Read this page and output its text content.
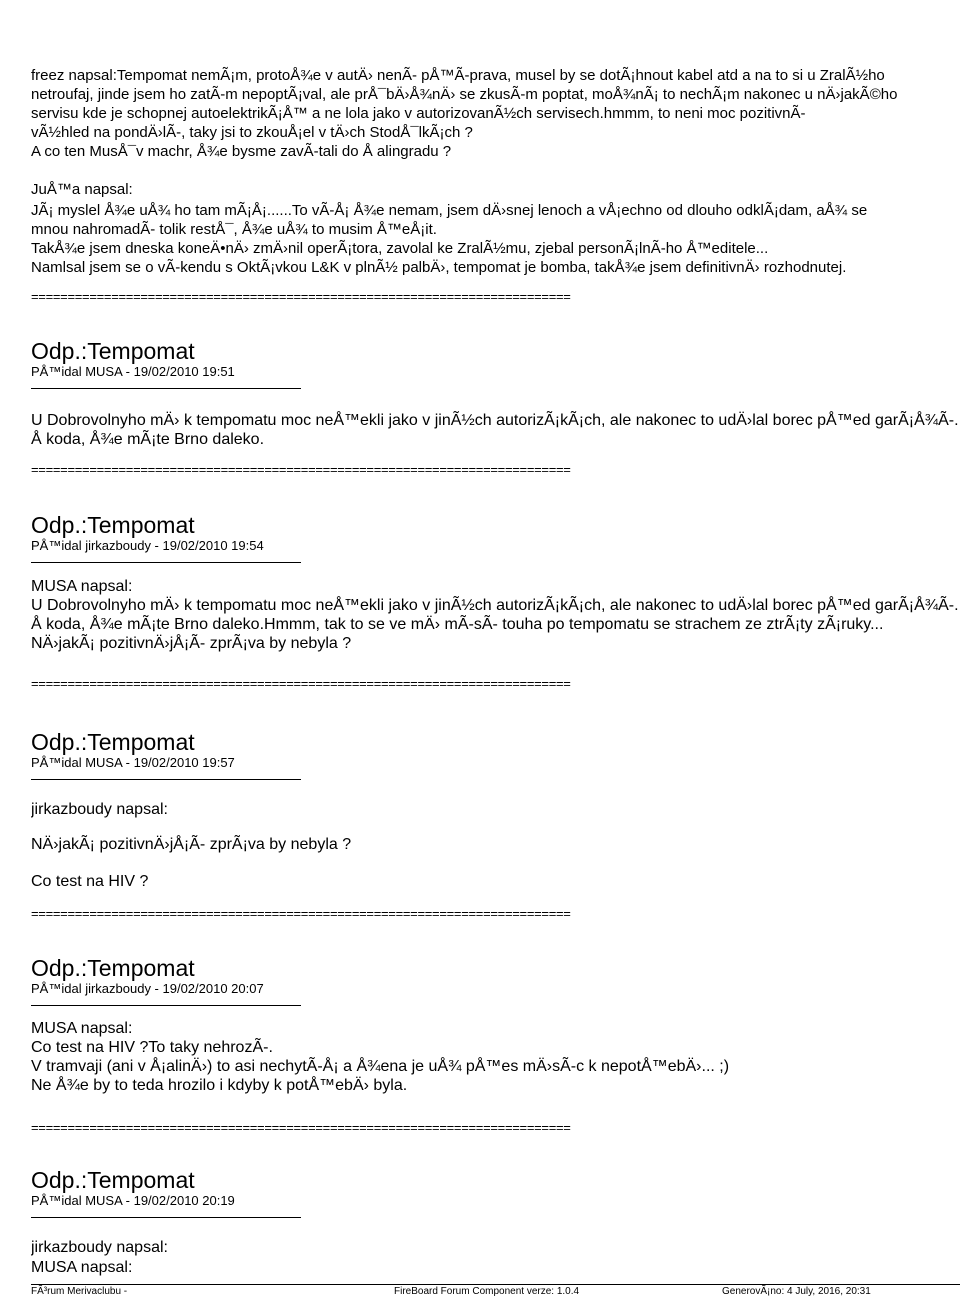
freez napsal:Tempomat nemÃ¡m, protoÅ¾e v autÄ› nenÃ- pÅ™Ã-prava, musel by se dotÃ¡hnout kabel atd a na to si u ZralÃ½ho
netroufaj, jinde jsem ho zatÃ-m nepoptÃ¡val, ale prÅ¯bÄ›Å¾nÄ› se zkusÃ-m poptat, moÅ¾nÃ¡ to nechÃ¡m nakonec u nÄ›jakÃ©ho
servisu kde je schopnej autoelektrikÃ¡Å™ a ne lola jako v autorizovanÃ½ch servisech.hmmm, to neni moc pozitivnÃ-
vÃ½hled na pondÄ›lÃ-, taky jsi to zkouÅ¡el v tÄ›ch StodÅ¯lkÃ¡ch ?
A co ten MusÅ¯v machr, Å¾e bysme zavÃ-tali do Å alingradu ?
JuÅ™a napsal:
JÃ¡ myslel Å¾e uÅ¾ ho tam mÃ¡Å¡......To vÃ-Å¡ Å¾e nemam, jsem dÄ›snej lenoch a vÅ¡echno od dlouho odklÃ¡dam, aÅ¾ se
mnou nahromadÃ- tolik restÅ¯, Å¾e uÅ¾ to musim Å™eÅ¡it.
TakÅ¾e jsem dneska koneÄ•nÄ› zmÄ›nil operÃ¡tora, zavolal ke ZralÃ½mu, zjebal personÃ¡lnÃ-ho Å™editele...
Namlsal jsem se o vÃ-kendu s OktÃ¡vkou L&K v plnÃ½ palbÄ›, tempomat je bomba, takÅ¾e jsem definitivnÄ› rozhodnutej.
==========================================================================
Odp.:Tempomat
PÅ™idal MUSA - 19/02/2010 19:51
U Dobrovolnyho mÄ› k tempomatu moc neÅ™ekli jako v jinÃ½ch autorizÃ¡kÃ¡ch, ale nakonec to udÄ›lal borec pÅ™ed garÃ¡Å¾Ã-.
Å koda, Å¾e mÃ¡te Brno daleko.
==========================================================================
Odp.:Tempomat
PÅ™idal jirkazboudy - 19/02/2010 19:54
MUSA napsal:
U Dobrovolnyho mÄ› k tempomatu moc neÅ™ekli jako v jinÃ½ch autorizÃ¡kÃ¡ch, ale nakonec to udÄ›lal borec pÅ™ed garÃ¡Å¾Ã-.
Å koda, Å¾e mÃ¡te Brno daleko.Hmmm, tak to se ve mÄ› mÃ-sÃ- touha po tempomatu se strachem ze ztrÃ¡ty zÃ¡ruky...
NÄ›jakÃ¡ pozitivnÄ›jÅ¡Ã- zprÃ¡va by nebyla ?
==========================================================================
Odp.:Tempomat
PÅ™idal MUSA - 19/02/2010 19:57
jirkazboudy napsal:
NÄ›jakÃ¡ pozitivnÄ›jÅ¡Ã- zprÃ¡va by nebyla ?
Co test na HIV ?
==========================================================================
Odp.:Tempomat
PÅ™idal jirkazboudy - 19/02/2010 20:07
MUSA napsal:
Co test na HIV ?To taky nehrozÃ-.
V tramvaji (ani v Å¡alinÄ›) to asi nechytÃ-Å¡ a Å¾ena je uÅ¾ pÅ™es mÄ›sÃ-c k nepotÅ™ebÄ›... ;)
Ne Å¾e by to teda hrozilo i kdyby k potÅ™ebÄ› byla.
==========================================================================
Odp.:Tempomat
PÅ™idal MUSA - 19/02/2010 20:19
jirkazboudy napsal:
MUSA napsal:
FÃ³rum Merivaclubu -	FireBoard Forum Component verze: 1.0.4	GenerovÃ¡no: 4 July, 2016, 20:31
